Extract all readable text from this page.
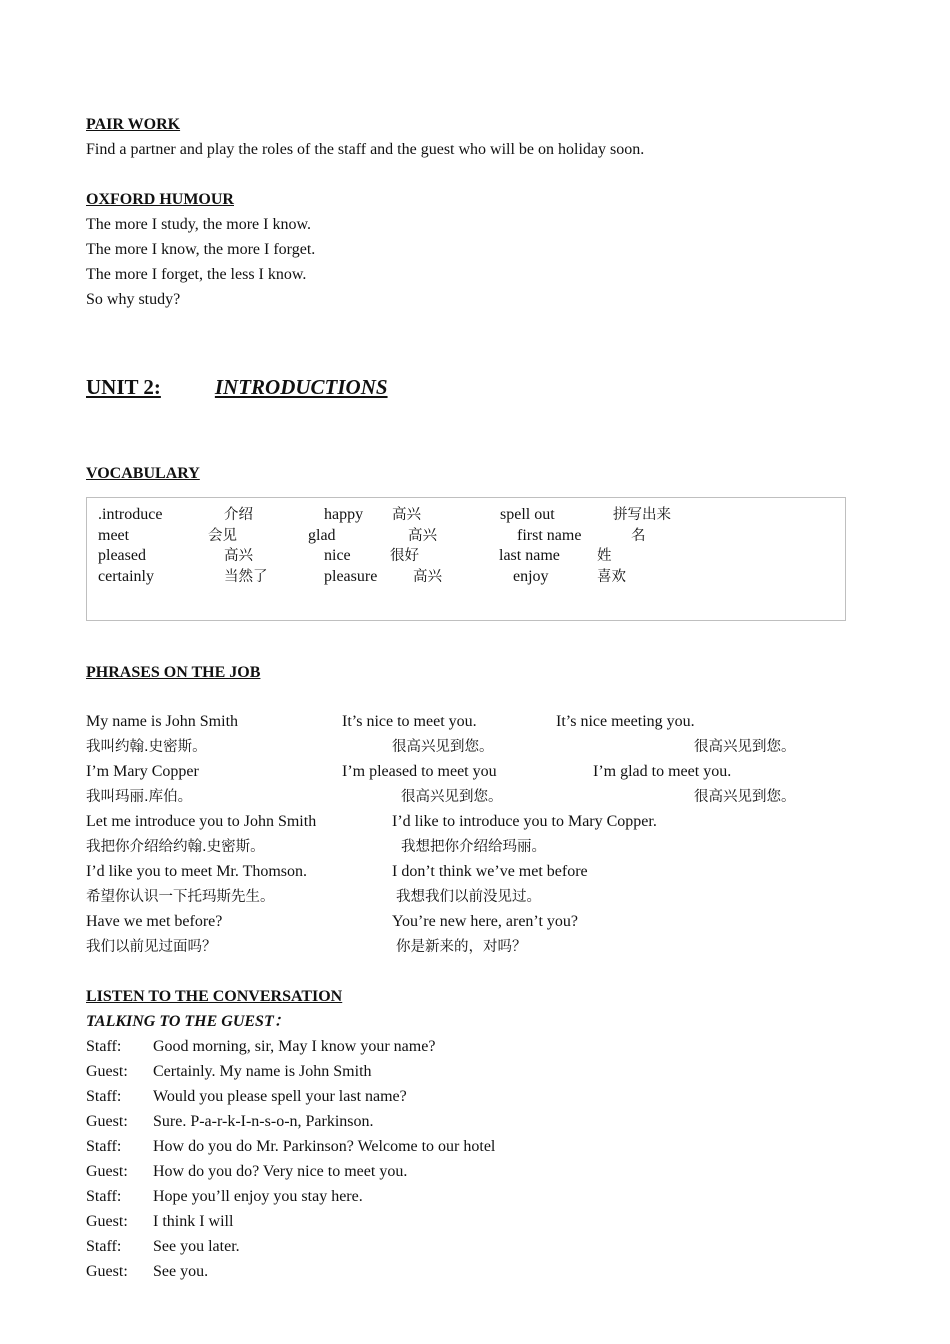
PAIR WORK
Find a partner and play the roles of the staff and the guest who will be on holiday soon.
OXFORD HUMOUR
The more I study, the more I know.
The more I know, the more I forget.
The more I forget, the less I know.
So why study?
UNIT 2:	INTRODUCTIONS
VOCABULARY
​.introduce	介绍	happy 高兴	spell out	拼写出来
meet	会见	glad	高兴	first name	名
pleased	高兴	nice	很好	last name	姓
certainly	当然了	pleasure 高兴	enjoy	喜欢
PHRASES ON THE JOB
My name is John Smith	It’s nice to meet you.	It’s nice meeting you.
我叫约翰.史密斯。	很高兴见到您。	很高兴见到您。
I’m Mary Copper	I’m pleased to meet you	I’m glad to meet you.
我叫玛丽.库伯。	很高兴见到您。	很高兴见到您。
Let me introduce you to John Smith	I’d like to introduce you to Mary Copper.
我把你介绍给约翰.史密斯。	我想把你介绍给玛丽。
I’d like you to meet Mr. Thomson.	I don’t think we’ve met before
希望你认识一下托玛斯先生。	我想我们以前没见过。
Have we met before?	You’re new here, aren’t you?
我们以前见过面吗？	你是新来的，对吗？
LISTEN TO THE CONVERSATION
TALKING TO THE GUEST：
Staff: Good morning, sir, May I know your name?
Guest: Certainly. My name is John Smith
Staff: Would you please spell your last name?
Guest: Sure. P-a-r-k-I-n-s-o-n, Parkinson.
Staff: How do you do Mr. Parkinson? Welcome to our hotel
Guest: How do you do? Very nice to meet you.
Staff: Hope you’ll enjoy you stay here.
Guest: I think I will
Staff: See you later.
Guest: See you.
